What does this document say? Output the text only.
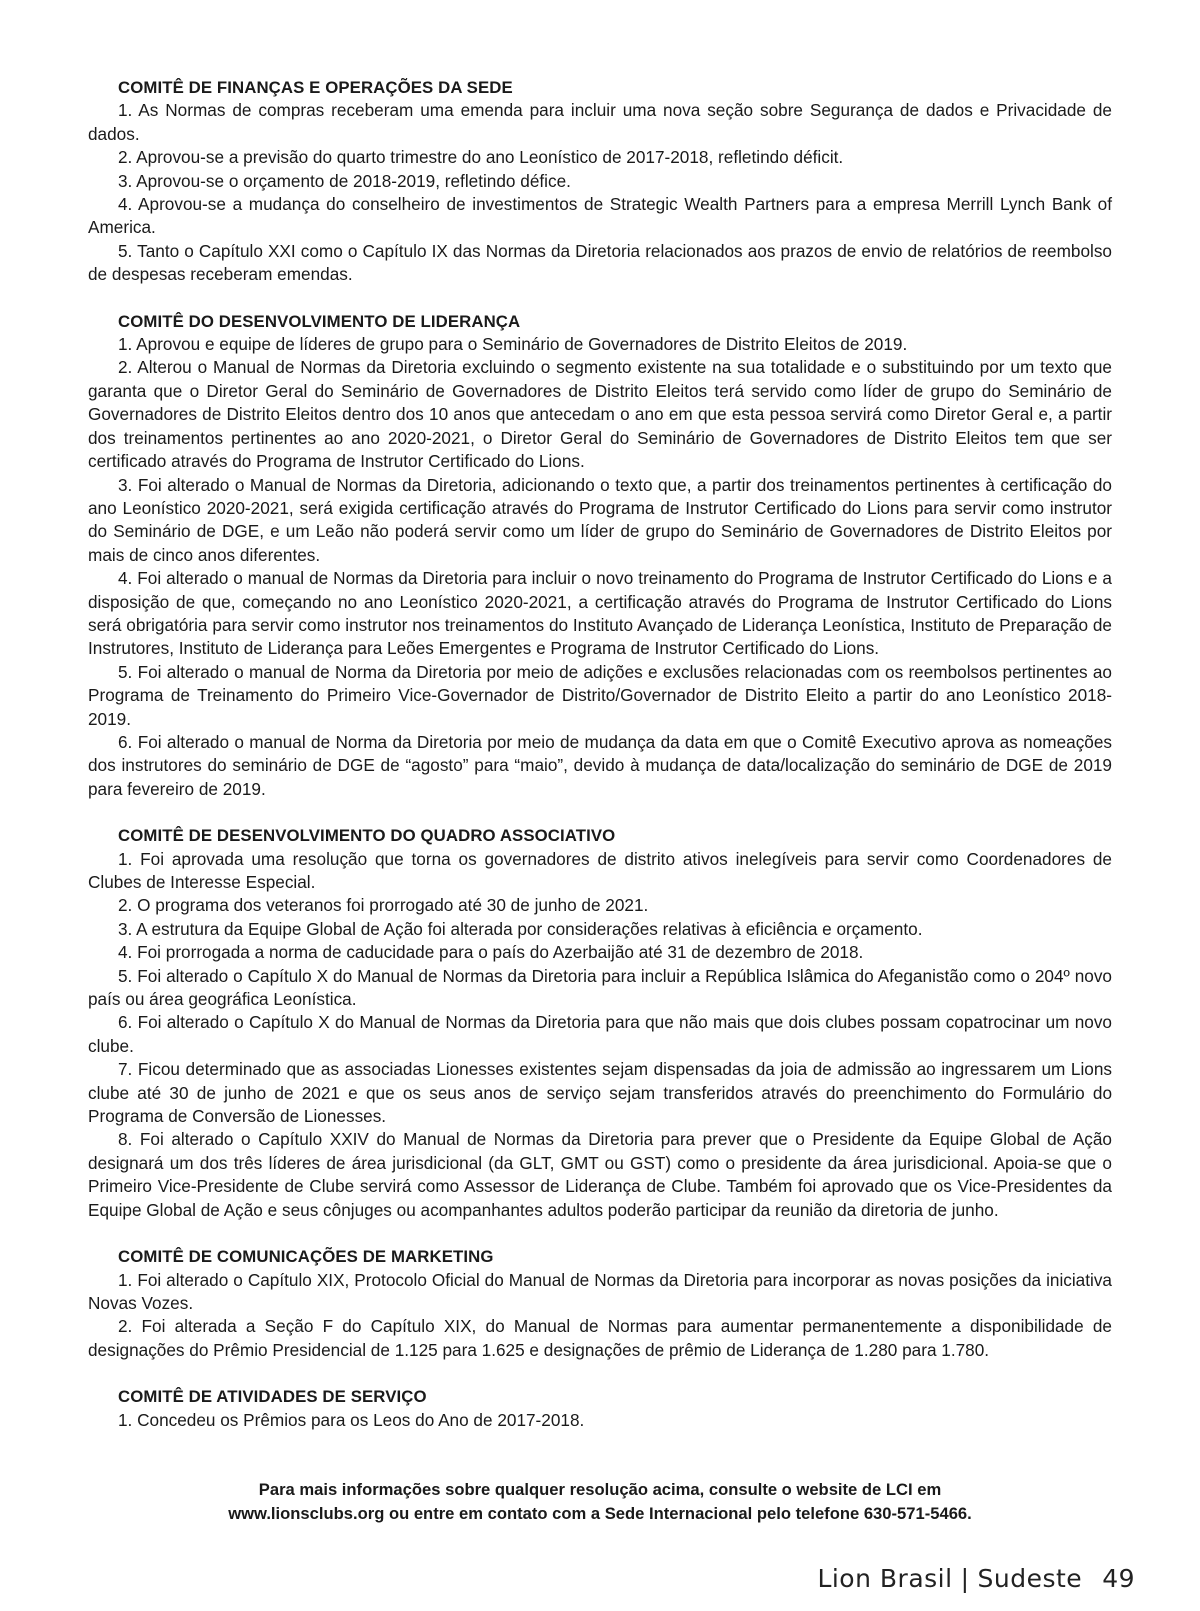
COMITÊ DE FINANÇAS E OPERAÇÕES DA SEDE

1. As Normas de compras receberam uma emenda para incluir uma nova seção sobre Segurança de dados e Privacidade de dados.

2. Aprovou-se a previsão do quarto trimestre do ano Leonístico de 2017-2018, refletindo déficit.

3. Aprovou-se o orçamento de 2018-2019, refletindo défice.

4. Aprovou-se a mudança do conselheiro de investimentos de Strategic Wealth Partners para a empresa Merrill Lynch Bank of America.

5. Tanto o Capítulo XXI como o Capítulo IX das Normas da Diretoria relacionados aos prazos de envio de relatórios de reembolso de despesas receberam emendas.

COMITÊ DO DESENVOLVIMENTO DE LIDERANÇA

1. Aprovou e equipe de líderes de grupo para o Seminário de Governadores de Distrito Eleitos de 2019.

2. Alterou o Manual de Normas da Diretoria excluindo o segmento existente na sua totalidade e o substituindo por um texto que garanta que o Diretor Geral do Seminário de Governadores de Distrito Eleitos terá servido como líder de grupo do Seminário de Governadores de Distrito Eleitos dentro dos 10 anos que antecedam o ano em que esta pessoa servirá como Diretor Geral e, a partir dos treinamentos pertinentes ao ano 2020-2021, o Diretor Geral do Seminário de Governadores de Distrito Eleitos tem que ser certificado através do Programa de Instrutor Certificado do Lions.

3. Foi alterado o Manual de Normas da Diretoria, adicionando o texto que, a partir dos treinamentos pertinentes à certificação do ano Leonístico 2020-2021, será exigida certificação através do Programa de Instrutor Certificado do Lions para servir como instrutor do Seminário de DGE, e um Leão não poderá servir como um líder de grupo do Seminário de Governadores de Distrito Eleitos por mais de cinco anos diferentes.

4. Foi alterado o manual de Normas da Diretoria para incluir o novo treinamento do Programa de Instrutor Certificado do Lions e a disposição de que, começando no ano Leonístico 2020-2021, a certificação através do Programa de Instrutor Certificado do Lions será obrigatória para servir como instrutor nos treinamentos do Instituto Avançado de Liderança Leonística, Instituto de Preparação de Instrutores, Instituto de Liderança para Leões Emergentes e Programa de Instrutor Certificado do Lions.

5. Foi alterado o manual de Norma da Diretoria por meio de adições e exclusões relacionadas com os reembolsos pertinentes ao Programa de Treinamento do Primeiro Vice-Governador de Distrito/Governador de Distrito Eleito a partir do ano Leonístico 2018-2019.

6. Foi alterado o manual de Norma da Diretoria por meio de mudança da data em que o Comitê Executivo aprova as nomeações dos instrutores do seminário de DGE de “agosto” para “maio”, devido à mudança de data/localização do seminário de DGE de 2019 para fevereiro de 2019.

COMITÊ DE DESENVOLVIMENTO DO QUADRO ASSOCIATIVO

1. Foi aprovada uma resolução que torna os governadores de distrito ativos inelegíveis para servir como Coordenadores de Clubes de Interesse Especial.

2. O programa dos veteranos foi prorrogado até 30 de junho de 2021.

3. A estrutura da Equipe Global de Ação foi alterada por considerações relativas à eficiência e orçamento.

4. Foi prorrogada a norma de caducidade para o país do Azerbaijão até 31 de dezembro de 2018.

5. Foi alterado o Capítulo X do Manual de Normas da Diretoria para incluir a República Islâmica do Afeganistão como o 204º novo país ou área geográfica Leonística.

6. Foi alterado o Capítulo X do Manual de Normas da Diretoria para que não mais que dois clubes possam copatrocinar um novo clube.

7. Ficou determinado que as associadas Lionesses existentes sejam dispensadas da joia de admissão ao ingressarem um Lions clube até 30 de junho de 2021 e que os seus anos de serviço sejam transferidos através do preenchimento do Formulário do Programa de Conversão de Lionesses.

8. Foi alterado o Capítulo XXIV do Manual de Normas da Diretoria para prever que o Presidente da Equipe Global de Ação designará um dos três líderes de área jurisdicional (da GLT, GMT ou GST) como o presidente da área jurisdicional. Apoia-se que o Primeiro Vice-Presidente de Clube servirá como Assessor de Liderança de Clube. Também foi aprovado que os Vice-Presidentes da Equipe Global de Ação e seus cônjuges ou acompanhantes adultos poderão participar da reunião da diretoria de junho.

COMITÊ DE COMUNICAÇÕES DE MARKETING

1. Foi alterado o Capítulo XIX, Protocolo Oficial do Manual de Normas da Diretoria para incorporar as novas posições da iniciativa Novas Vozes.

2. Foi alterada a Seção F do Capítulo XIX, do Manual de Normas para aumentar permanentemente a disponibilidade de designações do Prêmio Presidencial de 1.125 para 1.625 e designações de prêmio de Liderança de 1.280 para 1.780.

COMITÊ DE ATIVIDADES DE SERVIÇO

1. Concedeu os Prêmios para os Leos do Ano de 2017-2018.

Para mais informações sobre qualquer resolução acima, consulte o website de LCI em
www.lionsclubs.org ou entre em contato com a Sede Internacional pelo telefone 630-571-5466.
Lion Brasil | Sudeste 49
